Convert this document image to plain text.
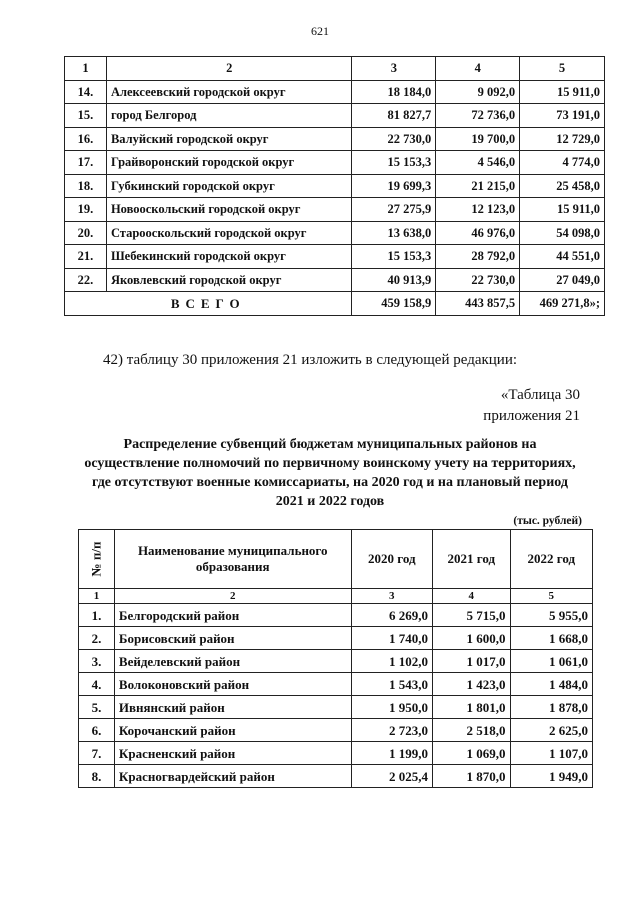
621
1	2	3	4	5
14.	Алексеевский городской округ	18 184,0	9 092,0	15 911,0
15.	город Белгород	81 827,7	72 736,0	73 191,0
16.	Валуйский городской округ	22 730,0	19 700,0	12 729,0
17.	Грайворонский городской округ	15 153,3	4 546,0	4 774,0
18.	Губкинский городской округ	19 699,3	21 215,0	25 458,0
19.	Новооскольский городской округ	27 275,9	12 123,0	15 911,0
20.	Старооскольский городской округ	13 638,0	46 976,0	54 098,0
21.	Шебекинский городской округ	15 153,3	28 792,0	44 551,0
22.	Яковлевский городской округ	40 913,9	22 730,0	27 049,0
ВСЕГО		459 158,9	443 857,5	469 271,8»;
42) таблицу 30 приложения 21 изложить в следующей редакции:
«Таблица 30
приложения 21
Распределение субвенций бюджетам муниципальных районов на осуществление полномочий по первичному воинскому учету на территориях, где отсутствуют военные комиссариаты, на 2020 год и на плановый период 2021 и 2022 годов
(тыс. рублей)
№ п/п	Наименование муниципального образования	2020 год	2021 год	2022 год
1	2	3	4	5
1.	Белгородский район	6 269,0	5 715,0	5 955,0
2.	Борисовский район	1 740,0	1 600,0	1 668,0
3.	Вейделевский район	1 102,0	1 017,0	1 061,0
4.	Волоконовский район	1 543,0	1 423,0	1 484,0
5.	Ивнянский район	1 950,0	1 801,0	1 878,0
6.	Корочанский район	2 723,0	2 518,0	2 625,0
7.	Красненский район	1 199,0	1 069,0	1 107,0
8.	Красногвардейский район	2 025,4	1 870,0	1 949,0
